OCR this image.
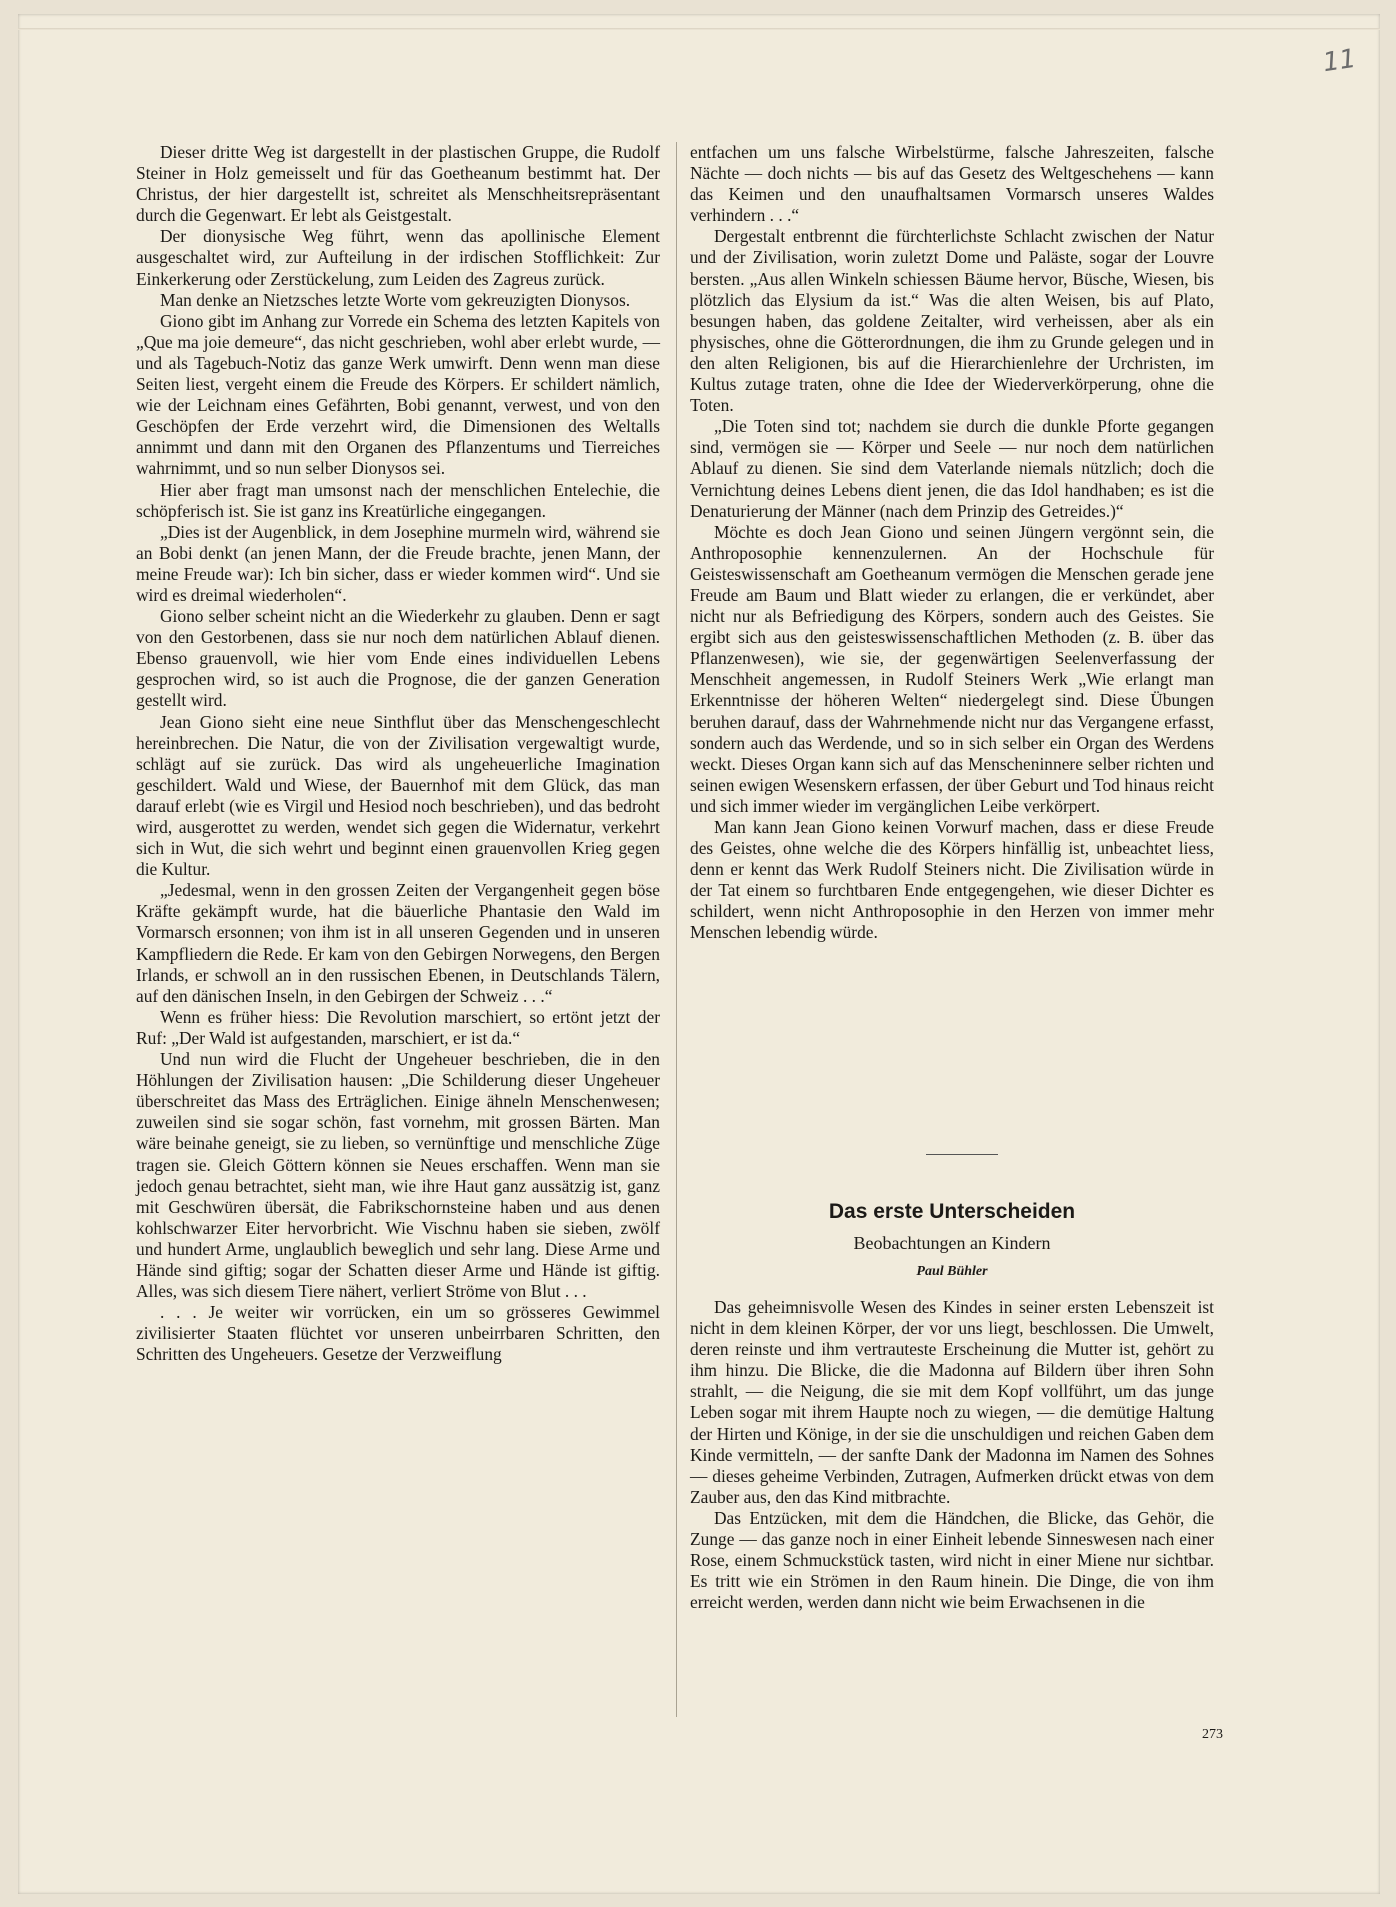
11

Dieser dritte Weg ist dargestellt in der plastischen Gruppe, die Rudolf Steiner in Holz gemeisselt und für das Goetheanum bestimmt hat. Der Christus, der hier dargestellt ist, schreitet als Menschheitsrepräsentant durch die Gegenwart. Er lebt als Geistgestalt.

Der dionysische Weg führt, wenn das apollinische Element ausgeschaltet wird, zur Aufteilung in der irdischen Stofflichkeit: Zur Einkerkerung oder Zerstückelung, zum Leiden des Zagreus zurück.

Man denke an Nietzsches letzte Worte vom gekreuzigten Dionysos.

Giono gibt im Anhang zur Vorrede ein Schema des letzten Kapitels von „Que ma joie demeure“, das nicht geschrieben, wohl aber erlebt wurde, — und als Tagebuch-Notiz das ganze Werk umwirft. Denn wenn man diese Seiten liest, vergeht einem die Freude des Körpers. Er schildert nämlich, wie der Leichnam eines Gefährten, Bobi genannt, verwest, und von den Geschöpfen der Erde verzehrt wird, die Dimensionen des Weltalls annimmt und dann mit den Organen des Pflanzentums und Tierreiches wahrnimmt, und so nun selber Dionysos sei.

Hier aber fragt man umsonst nach der menschlichen Entelechie, die schöpferisch ist. Sie ist ganz ins Kreatürliche eingegangen.

„Dies ist der Augenblick, in dem Josephine murmeln wird, während sie an Bobi denkt (an jenen Mann, der die Freude brachte, jenen Mann, der meine Freude war): Ich bin sicher, dass er wieder kommen wird“. Und sie wird es dreimal wiederholen“.

Giono selber scheint nicht an die Wiederkehr zu glauben. Denn er sagt von den Gestorbenen, dass sie nur noch dem natürlichen Ablauf dienen. Ebenso grauenvoll, wie hier vom Ende eines individuellen Lebens gesprochen wird, so ist auch die Prognose, die der ganzen Generation gestellt wird.

Jean Giono sieht eine neue Sinthflut über das Menschengeschlecht hereinbrechen. Die Natur, die von der Zivilisation vergewaltigt wurde, schlägt auf sie zurück. Das wird als ungeheuerliche Imagination geschildert. Wald und Wiese, der Bauernhof mit dem Glück, das man darauf erlebt (wie es Virgil und Hesiod noch beschrieben), und das bedroht wird, ausgerottet zu werden, wendet sich gegen die Widernatur, verkehrt sich in Wut, die sich wehrt und beginnt einen grauenvollen Krieg gegen die Kultur.

„Jedesmal, wenn in den grossen Zeiten der Vergangenheit gegen böse Kräfte gekämpft wurde, hat die bäuerliche Phantasie den Wald im Vormarsch ersonnen; von ihm ist in all unseren Gegenden und in unseren Kampfliedern die Rede. Er kam von den Gebirgen Norwegens, den Bergen Irlands, er schwoll an in den russischen Ebenen, in Deutschlands Tälern, auf den dänischen Inseln, in den Gebirgen der Schweiz . . .“

Wenn es früher hiess: Die Revolution marschiert, so ertönt jetzt der Ruf: „Der Wald ist aufgestanden, marschiert, er ist da.“

Und nun wird die Flucht der Ungeheuer beschrieben, die in den Höhlungen der Zivilisation hausen: „Die Schilderung dieser Ungeheuer überschreitet das Mass des Erträglichen. Einige ähneln Menschenwesen; zuweilen sind sie sogar schön, fast vornehm, mit grossen Bärten. Man wäre beinahe geneigt, sie zu lieben, so vernünftige und menschliche Züge tragen sie. Gleich Göttern können sie Neues erschaffen. Wenn man sie jedoch genau betrachtet, sieht man, wie ihre Haut ganz aussätzig ist, ganz mit Geschwüren übersät, die Fabrikschornsteine haben und aus denen kohlschwarzer Eiter hervorbricht. Wie Vischnu haben sie sieben, zwölf und hundert Arme, unglaublich beweglich und sehr lang. Diese Arme und Hände sind giftig; sogar der Schatten dieser Arme und Hände ist giftig. Alles, was sich diesem Tiere nähert, verliert Ströme von Blut . . .

. . . Je weiter wir vorrücken, ein um so grösseres Gewimmel zivilisierter Staaten flüchtet vor unseren unbeirrbaren Schritten, den Schritten des Ungeheuers. Gesetze der Verzweiflung

entfachen um uns falsche Wirbelstürme, falsche Jahreszeiten, falsche Nächte — doch nichts — bis auf das Gesetz des Weltgeschehens — kann das Keimen und den unaufhaltsamen Vormarsch unseres Waldes verhindern . . .“

Dergestalt entbrennt die fürchterlichste Schlacht zwischen der Natur und der Zivilisation, worin zuletzt Dome und Paläste, sogar der Louvre bersten. „Aus allen Winkeln schiessen Bäume hervor, Büsche, Wiesen, bis plötzlich das Elysium da ist.“ Was die alten Weisen, bis auf Plato, besungen haben, das goldene Zeitalter, wird verheissen, aber als ein physisches, ohne die Götterordnungen, die ihm zu Grunde gelegen und in den alten Religionen, bis auf die Hierarchienlehre der Urchristen, im Kultus zutage traten, ohne die Idee der Wiederverkörperung, ohne die Toten.

„Die Toten sind tot; nachdem sie durch die dunkle Pforte gegangen sind, vermögen sie — Körper und Seele — nur noch dem natürlichen Ablauf zu dienen. Sie sind dem Vaterlande niemals nützlich; doch die Vernichtung deines Lebens dient jenen, die das Idol handhaben; es ist die Denaturierung der Männer (nach dem Prinzip des Getreides.)“

Möchte es doch Jean Giono und seinen Jüngern vergönnt sein, die Anthroposophie kennenzulernen. An der Hochschule für Geisteswissenschaft am Goetheanum vermögen die Menschen gerade jene Freude am Baum und Blatt wieder zu erlangen, die er verkündet, aber nicht nur als Befriedigung des Körpers, sondern auch des Geistes. Sie ergibt sich aus den geisteswissenschaftlichen Methoden (z. B. über das Pflanzenwesen), wie sie, der gegenwärtigen Seelenverfassung der Menschheit angemessen, in Rudolf Steiners Werk „Wie erlangt man Erkenntnisse der höheren Welten“ niedergelegt sind. Diese Übungen beruhen darauf, dass der Wahrnehmende nicht nur das Vergangene erfasst, sondern auch das Werdende, und so in sich selber ein Organ des Werdens weckt. Dieses Organ kann sich auf das Menscheninnere selber richten und seinen ewigen Wesenskern erfassen, der über Geburt und Tod hinaus reicht und sich immer wieder im vergänglichen Leibe verkörpert.

Man kann Jean Giono keinen Vorwurf machen, dass er diese Freude des Geistes, ohne welche die des Körpers hinfällig ist, unbeachtet liess, denn er kennt das Werk Rudolf Steiners nicht. Die Zivilisation würde in der Tat einem so furchtbaren Ende entgegengehen, wie dieser Dichter es schildert, wenn nicht Anthroposophie in den Herzen von immer mehr Menschen lebendig würde.

Das erste Unterscheiden
Beobachtungen an Kindern
Paul Bühler

Das geheimnisvolle Wesen des Kindes in seiner ersten Lebenszeit ist nicht in dem kleinen Körper, der vor uns liegt, beschlossen. Die Umwelt, deren reinste und ihm vertrauteste Erscheinung die Mutter ist, gehört zu ihm hinzu. Die Blicke, die die Madonna auf Bildern über ihren Sohn strahlt, — die Neigung, die sie mit dem Kopf vollführt, um das junge Leben sogar mit ihrem Haupte noch zu wiegen, — die demütige Haltung der Hirten und Könige, in der sie die unschuldigen und reichen Gaben dem Kinde vermitteln, — der sanfte Dank der Madonna im Namen des Sohnes — dieses geheime Verbinden, Zutragen, Aufmerken drückt etwas von dem Zauber aus, den das Kind mitbrachte.

Das Entzücken, mit dem die Händchen, die Blicke, das Gehör, die Zunge — das ganze noch in einer Einheit lebende Sinneswesen nach einer Rose, einem Schmuckstück tasten, wird nicht in einer Miene nur sichtbar. Es tritt wie ein Strömen in den Raum hinein. Die Dinge, die von ihm erreicht werden, werden dann nicht wie beim Erwachsenen in die

273
